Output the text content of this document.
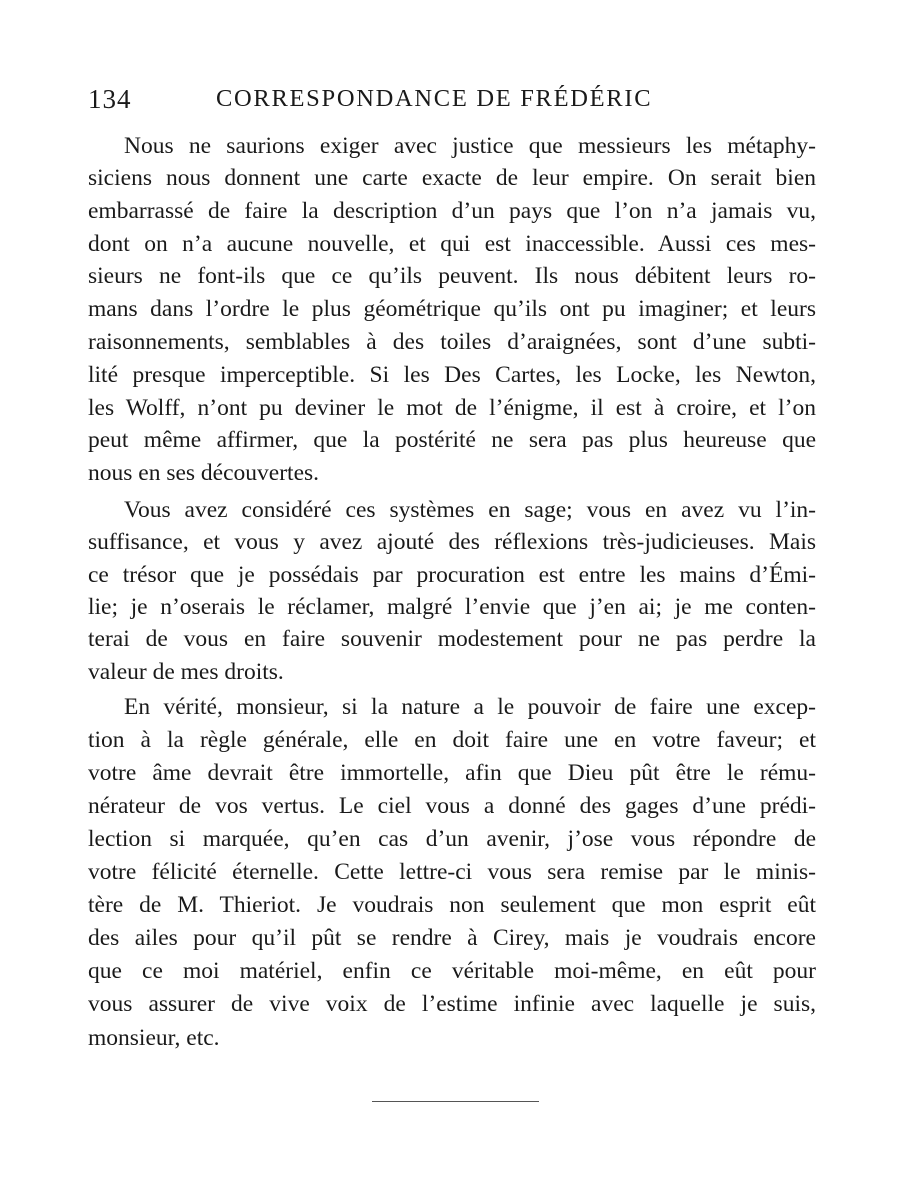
134	CORRESPONDANCE DE FRÉDÉRIC
Nous ne saurions exiger avec justice que messieurs les métaphy-
siciens nous donnent une carte exacte de leur empire. On serait bien
embarrassé de faire la description d’un pays que l’on n’a jamais vu,
dont on n’a aucune nouvelle, et qui est inaccessible. Aussi ces mes-
sieurs ne font-ils que ce qu’ils peuvent. Ils nous débitent leurs ro-
mans dans l’ordre le plus géométrique qu’ils ont pu imaginer; et leurs
raisonnements, semblables à des toiles d’araignées, sont d’une subti-
lité presque imperceptible. Si les Des Cartes, les Locke, les Newton,
les Wolff, n’ont pu deviner le mot de l’énigme, il est à croire, et l’on
peut même affirmer, que la postérité ne sera pas plus heureuse que
nous en ses découvertes.
Vous avez considéré ces systèmes en sage; vous en avez vu l’in-
suffisance, et vous y avez ajouté des réflexions très-judicieuses. Mais
ce trésor que je possédais par procuration est entre les mains d’Émi-
lie; je n’oserais le réclamer, malgré l’envie que j’en ai; je me conten-
terai de vous en faire souvenir modestement pour ne pas perdre la
valeur de mes droits.
En vérité, monsieur, si la nature a le pouvoir de faire une excep-
tion à la règle générale, elle en doit faire une en votre faveur; et
votre âme devrait être immortelle, afin que Dieu pût être le rému-
nérateur de vos vertus. Le ciel vous a donné des gages d’une prédi-
lection si marquée, qu’en cas d’un avenir, j’ose vous répondre de
votre félicité éternelle. Cette lettre-ci vous sera remise par le minis-
tère de M. Thieriot. Je voudrais non seulement que mon esprit eût
des ailes pour qu’il pût se rendre à Cirey, mais je voudrais encore
que ce moi matériel, enfin ce véritable moi-même, en eût pour
vous assurer de vive voix de l’estime infinie avec laquelle je suis,
monsieur, etc.
